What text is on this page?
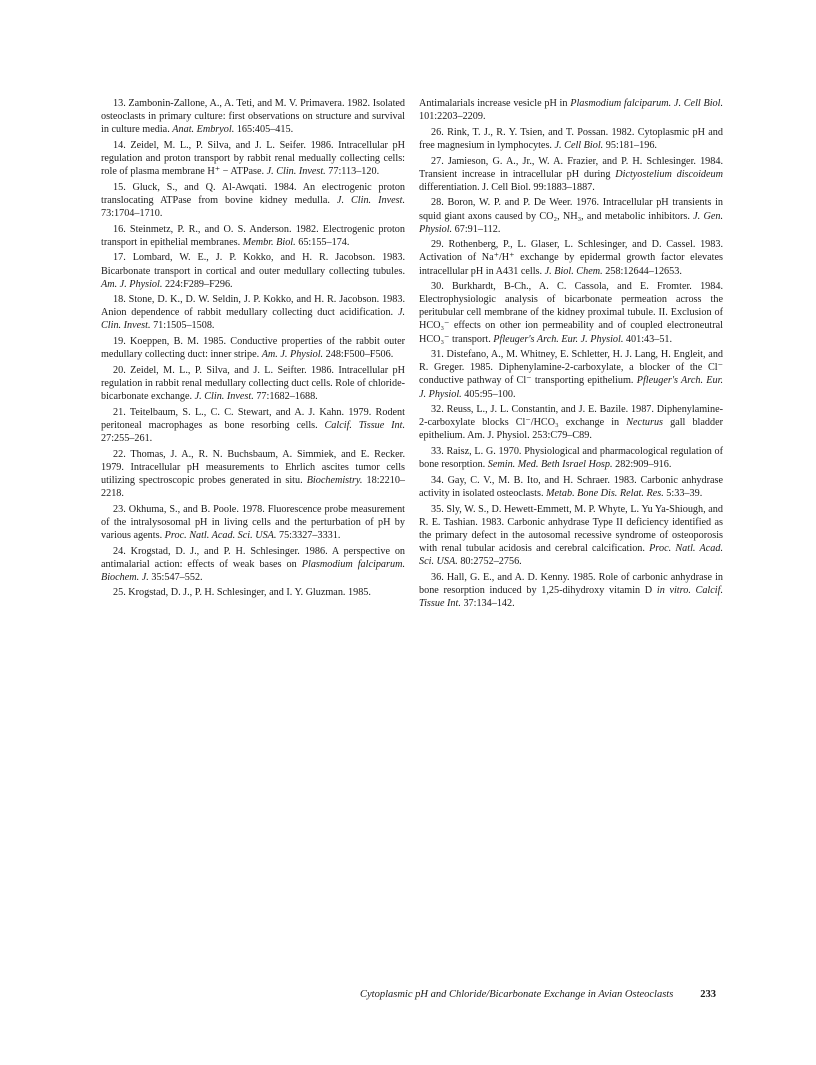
13. Zambonin-Zallone, A., A. Teti, and M. V. Primavera. 1982. Isolated osteoclasts in primary culture: first observations on structure and survival in culture media. Anat. Embryol. 165:405–415.

14. Zeidel, M. L., P. Silva, and J. L. Seifer. 1986. Intracellular pH regulation and proton transport by rabbit renal medually collecting cells: role of plasma membrane H⁺ − ATPase. J. Clin. Invest. 77:113–120.

15. Gluck, S., and Q. Al-Awqati. 1984. An electrogenic proton translocating ATPase from bovine kidney medulla. J. Clin. Invest. 73:1704–1710.

16. Steinmetz, P. R., and O. S. Anderson. 1982. Electrogenic proton transport in epithelial membranes. Membr. Biol. 65:155–174.

17. Lombard, W. E., J. P. Kokko, and H. R. Jacobson. 1983. Bicarbonate transport in cortical and outer medullary collecting tubules. Am. J. Physiol. 224:F289–F296.

18. Stone, D. K., D. W. Seldin, J. P. Kokko, and H. R. Jacobson. 1983. Anion dependence of rabbit medullary collecting duct acidification. J. Clin. Invest. 71:1505–1508.

19. Koeppen, B. M. 1985. Conductive properties of the rabbit outer medullary collecting duct: inner stripe. Am. J. Physiol. 248:F500–F506.

20. Zeidel, M. L., P. Silva, and J. L. Seifter. 1986. Intracellular pH regulation in rabbit renal medullary collecting duct cells. Role of chloride-bicarbonate exchange. J. Clin. Invest. 77:1682–1688.

21. Teitelbaum, S. L., C. C. Stewart, and A. J. Kahn. 1979. Rodent peritoneal macrophages as bone resorbing cells. Calcif. Tissue Int. 27:255–261.

22. Thomas, J. A., R. N. Buchsbaum, A. Simmiek, and E. Recker. 1979. Intracellular pH measurements to Ehrlich ascites tumor cells utilizing spectroscopic probes generated in situ. Biochemistry. 18:2210–2218.

23. Okhuma, S., and B. Poole. 1978. Fluorescence probe measurement of the intralysosomal pH in living cells and the perturbation of pH by various agents. Proc. Natl. Acad. Sci. USA. 75:3327–3331.

24. Krogstad, D. J., and P. H. Schlesinger. 1986. A perspective on antimalarial action: effects of weak bases on Plasmodium falciparum. Biochem. J. 35:547–552.

25. Krogstad, D. J., P. H. Schlesinger, and I. Y. Gluzman. 1985.

Antimalarials increase vesicle pH in Plasmodium falciparum. J. Cell Biol. 101:2203–2209.

26. Rink, T. J., R. Y. Tsien, and T. Possan. 1982. Cytoplasmic pH and free magnesium in lymphocytes. J. Cell Biol. 95:181–196.

27. Jamieson, G. A., Jr., W. A. Frazier, and P. H. Schlesinger. 1984. Transient increase in intracellular pH during Dictyostelium discoideum differentiation. J. Cell Biol. 99:1883–1887.

28. Boron, W. P. and P. De Weer. 1976. Intracellular pH transients in squid giant axons caused by CO₂, NH₃, and metabolic inhibitors. J. Gen. Physiol. 67:91–112.

29. Rothenberg, P., L. Glaser, L. Schlesinger, and D. Cassel. 1983. Activation of Na⁺/H⁺ exchange by epidermal growth factor elevates intracellular pH in A431 cells. J. Biol. Chem. 258:12644–12653.

30. Burkhardt, B-Ch., A. C. Cassola, and E. Fromter. 1984. Electrophysiologic analysis of bicarbonate permeation across the peritubular cell membrane of the kidney proximal tubule. II. Exclusion of HCO₃⁻ effects on other ion permeability and of coupled electroneutral HCO₃⁻ transport. Pfleuger's Arch. Eur. J. Physiol. 401:43–51.

31. Distefano, A., M. Whitney, E. Schletter, H. J. Lang, H. Engleit, and R. Greger. 1985. Diphenylamine-2-carboxylate, a blocker of the Cl⁻ conductive pathway of Cl⁻ transporting epithelium. Pfleuger's Arch. Eur. J. Physiol. 405:95–100.

32. Reuss, L., J. L. Constantin, and J. E. Bazile. 1987. Diphenylamine-2-carboxylate blocks Cl⁻/HCO₃ exchange in Necturus gall bladder epithelium. Am. J. Physiol. 253:C79–C89.

33. Raisz, L. G. 1970. Physiological and pharmacological regulation of bone resorption. Semin. Med. Beth Israel Hosp. 282:909–916.

34. Gay, C. V., M. B. Ito, and H. Schraer. 1983. Carbonic anhydrase activity in isolated osteoclasts. Metab. Bone Dis. Relat. Res. 5:33–39.

35. Sly, W. S., D. Hewett-Emmett, M. P. Whyte, L. Yu Ya-Shiough, and R. E. Tashian. 1983. Carbonic anhydrase Type II deficiency identified as the primary defect in the autosomal recessive syndrome of osteoporosis with renal tubular acidosis and cerebral calcification. Proc. Natl. Acad. Sci. USA. 80:2752–2756.

36. Hall, G. E., and A. D. Kenny. 1985. Role of carbonic anhydrase in bone resorption induced by 1,25-dihydroxy vitamin D in vitro. Calcif. Tissue Int. 37:134–142.

Cytoplasmic pH and Chloride/Bicarbonate Exchange in Avian Osteoclasts	233
